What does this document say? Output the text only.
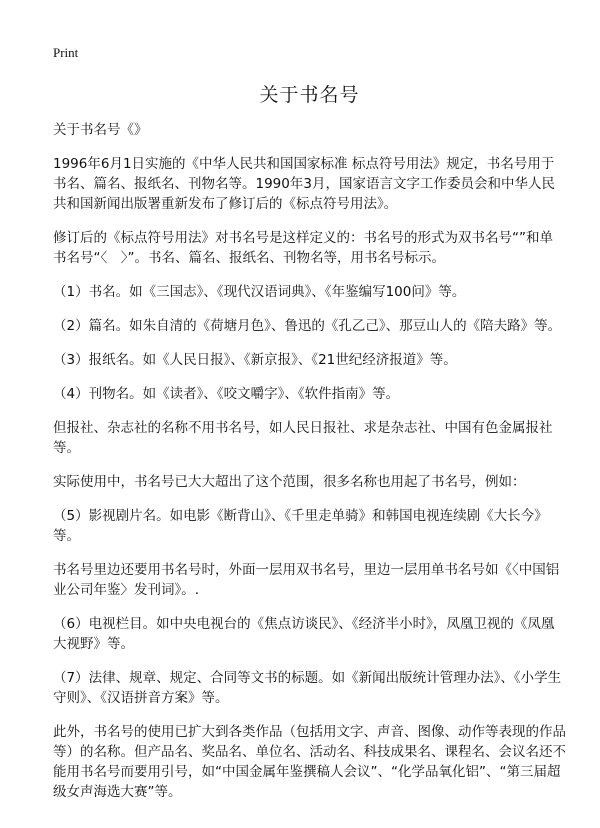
Print
关于书名号

关于书名号《》

1996年6月1日实施的《中华人民共和国国家标准 标点符号用法》规定，书名号用于书名、篇名、报纸名、刊物名等。1990年3月，国家语言文字工作委员会和中华人民共和国新闻出版署重新发布了修订后的《标点符号用法》。

修订后的《标点符号用法》对书名号是这样定义的：书名号的形式为双书名号“”和单书名号“〈　〉”。书名、篇名、报纸名、刊物名等，用书名号标示。

（1）书名。如《三国志》、《现代汉语词典》、《年鉴编写100问》等。

（2）篇名。如朱自清的《荷塘月色》、鲁迅的《孔乙己》、那豆山人的《陪夫路》等。

（3）报纸名。如《人民日报》、《新京报》、《21世纪经济报道》等。

（4）刊物名。如《读者》、《咬文嚼字》、《软件指南》等。

但报社、杂志社的名称不用书名号，如人民日报社、求是杂志社、中国有色金属报社等。

实际使用中，书名号已大大超出了这个范围，很多名称也用起了书名号，例如：

（5）影视剧片名。如电影《断背山》、《千里走单骑》和韩国电视连续剧《大长今》等。

书名号里边还要用书名号时，外面一层用双书名号，里边一层用单书名号如《〈中国铝业公司年鉴〉发刊词》。.

（6）电视栏目。如中央电视台的《焦点访谈民》、《经济半小时》，凤凰卫视的《凤凰大视野》等。

（7）法律、规章、规定、合同等文书的标题。如《新闻出版统计管理办法》、《小学生守则》、《汉语拼音方案》等。

此外，书名号的使用已扩大到各类作品（包括用文字、声音、图像、动作等表现的作品等）的名称。但产品名、奖品名、单位名、活动名、科技成果名、课程名、会议名还不能用书名号而要用引号，如“中国金属年鉴撰稿人会议”、“化学品氧化铝”、“第三届超级女声海选大赛”等。
